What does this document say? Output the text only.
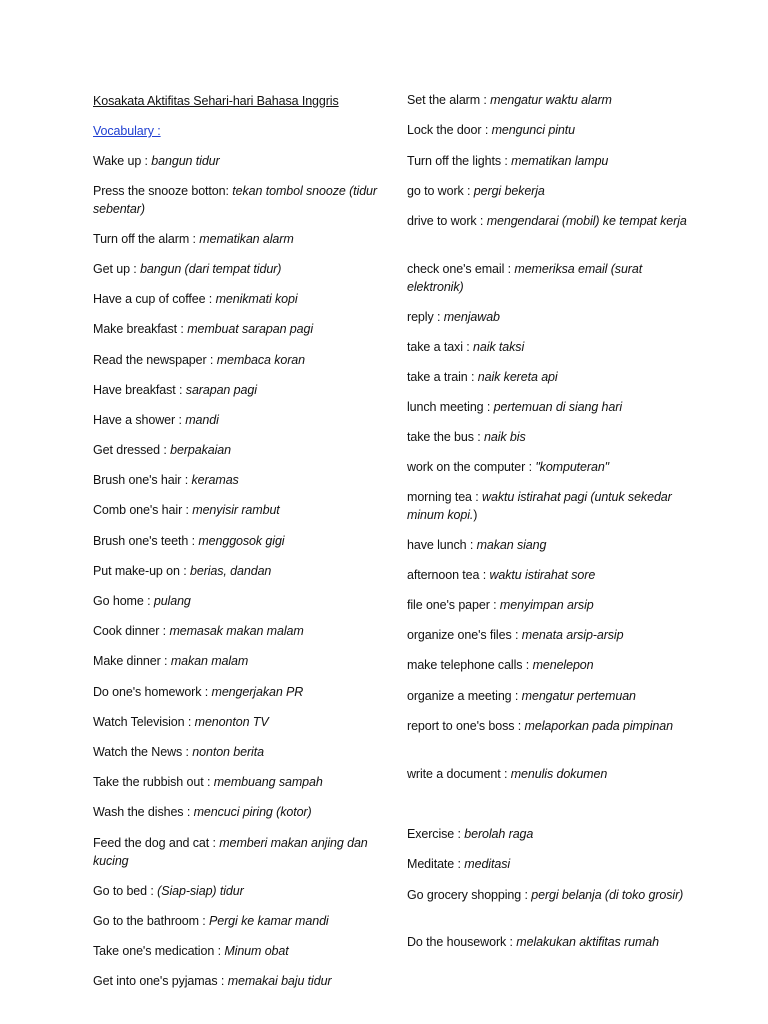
Kosakata Aktifitas Sehari-hari Bahasa Inggris
Vocabulary :
Wake up : bangun tidur
Press the snooze botton: tekan tombol snooze (tidur sebentar)
Turn off the alarm : mematikan alarm
Get up : bangun (dari tempat tidur)
Have a cup of coffee : menikmati kopi
Make breakfast : membuat sarapan pagi
Read the newspaper : membaca koran
Have breakfast : sarapan pagi
Have a shower : mandi
Get dressed : berpakaian
Brush one's hair : keramas
Comb one's hair : menyisir rambut
Brush one's teeth : menggosok gigi
Put make-up on : berias, dandan
Go home : pulang
Cook dinner : memasak makan malam
Make dinner : makan malam
Do one's homework : mengerjakan PR
Watch Television : menonton TV
Watch the News : nonton berita
Take the rubbish out : membuang sampah
Wash the dishes : mencuci piring (kotor)
Feed the dog and cat : memberi makan anjing dan kucing
Go to bed : (Siap-siap) tidur
Go to the bathroom : Pergi ke kamar mandi
Take one's medication : Minum obat
Get into one's pyjamas : memakai baju tidur
Set the alarm : mengatur waktu alarm
Lock the door : mengunci pintu
Turn off the lights : mematikan lampu
go to work : pergi bekerja
drive to work : mengendarai (mobil) ke tempat kerja
check one's email : memeriksa email (surat elektronik)
reply : menjawab
take a taxi : naik taksi
take a train : naik kereta api
lunch meeting : pertemuan di siang hari
take the bus : naik bis
work on the computer : "komputeran"
morning tea : waktu istirahat pagi (untuk sekedar minum kopi.)
have lunch : makan siang
afternoon tea : waktu istirahat sore
file one's paper : menyimpan arsip
organize one's files : menata arsip-arsip
make telephone calls : menelepon
organize a meeting : mengatur pertemuan
report to one's boss : melaporkan pada pimpinan
write a document : menulis dokumen
Exercise : berolah raga
Meditate : meditasi
Go grocery shopping : pergi belanja (di toko grosir)
Do the housework : melakukan aktifitas rumah
